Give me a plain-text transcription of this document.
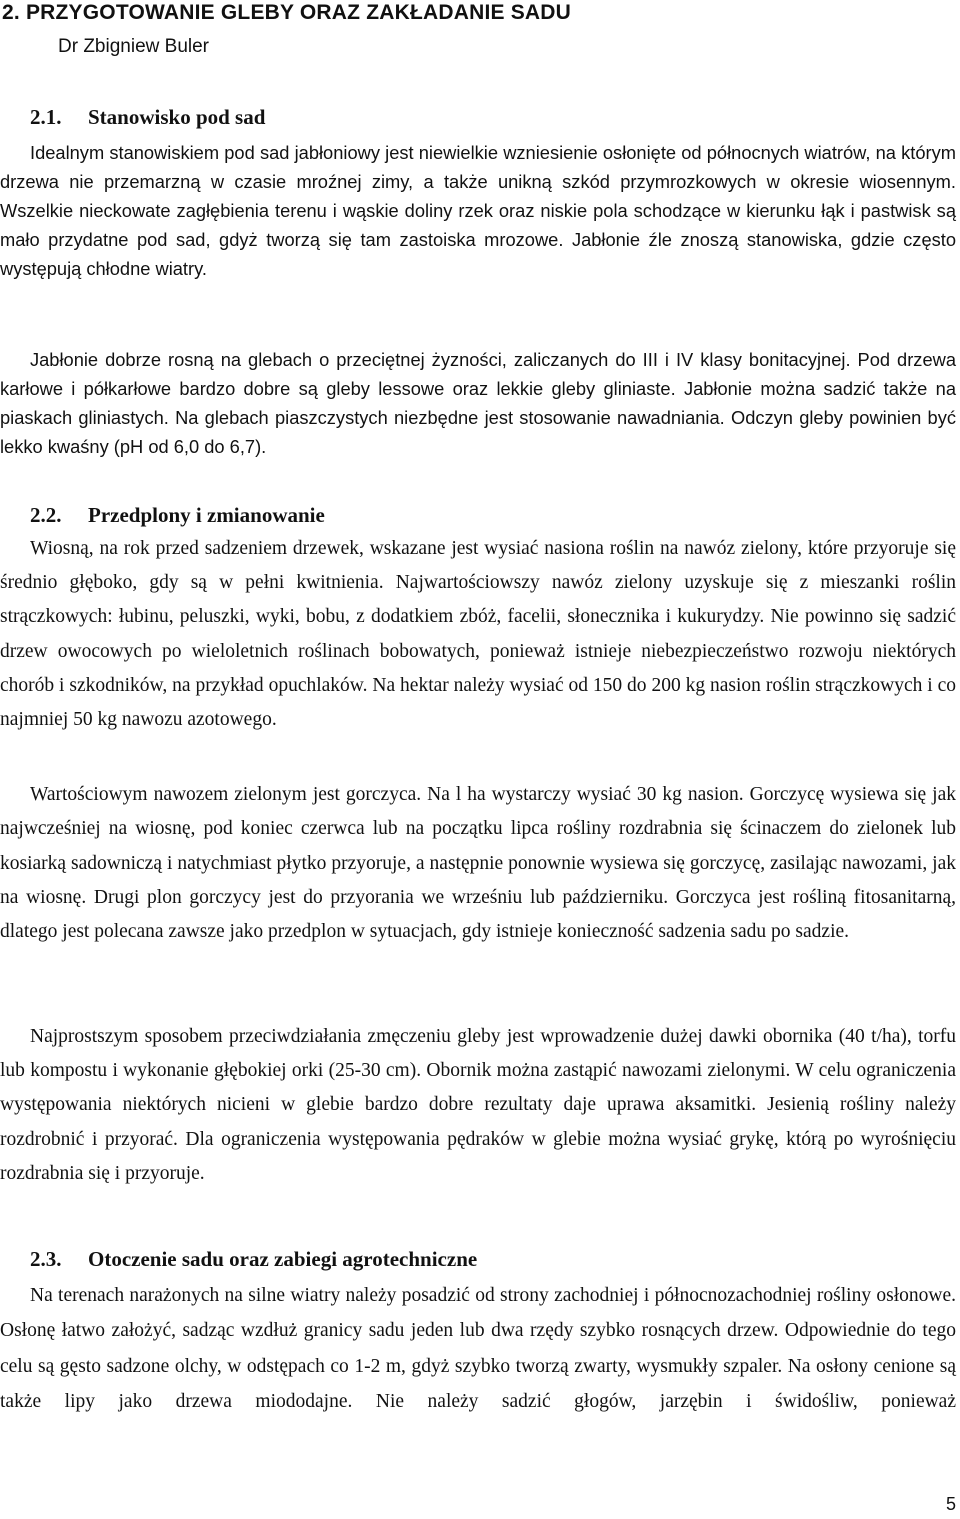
2. PRZYGOTOWANIE GLEBY ORAZ ZAKŁADANIE SADU
Dr Zbigniew Buler
2.1. Stanowisko pod sad

Idealnym stanowiskiem pod sad jabłoniowy jest niewielkie wzniesienie osłonięte od północnych wiatrów, na którym drzewa nie przemarzną w czasie mroźnej zimy, a także unikną szkód przymrozkowych w okresie wiosennym. Wszelkie nieckowate zagłębienia terenu i wąskie doliny rzek oraz niskie pola schodzące w kierunku łąk i pastwisk są mało przydatne pod sad, gdyż tworzą się tam zastoiska mrozowe. Jabłonie źle znoszą stanowiska, gdzie często występują chłodne wiatry.

Jabłonie dobrze rosną na glebach o przeciętnej żyzności, zaliczanych do III i IV klasy bonitacyjnej. Pod drzewa karłowe i półkarłowe bardzo dobre są gleby lessowe oraz lekkie gleby gliniaste. Jabłonie można sadzić także na piaskach gliniastych. Na glebach piaszczystych niezbędne jest stosowanie nawadniania. Odczyn gleby powinien być lekko kwaśny (pH od 6,0 do 6,7).

2.2. Przedplony i zmianowanie

Wiosną, na rok przed sadzeniem drzewek, wskazane jest wysiać nasiona roślin na nawóz zielony, które przyoruje się średnio głęboko, gdy są w pełni kwitnienia. Najwartościowszy nawóz zielony uzyskuje się z mieszanki roślin strączkowych: łubinu, peluszki, wyki, bobu, z dodatkiem zbóż, facelii, słonecznika i kukurydzy. Nie powinno się sadzić drzew owocowych po wieloletnich roślinach bobowatych, ponieważ istnieje niebezpieczeństwo rozwoju niektórych chorób i szkodników, na przykład opuchlaków. Na hektar należy wysiać od 150 do 200 kg nasion roślin strączkowych i co najmniej 50 kg nawozu azotowego.

Wartościowym nawozem zielonym jest gorczyca. Na l ha wystarczy wysiać 30 kg nasion. Gorczycę wysiewa się jak najwcześniej na wiosnę, pod koniec czerwca lub na początku lipca rośliny rozdrabnia się ścinaczem do zielonek lub kosiarką sadowniczą i natychmiast płytko przyoruje, a następnie ponownie wysiewa się gorczycę, zasilając nawozami, jak na wiosnę. Drugi plon gorczycy jest do przyorania we wrześniu lub październiku. Gorczyca jest rośliną fitosanitarną, dlatego jest polecana zawsze jako przedplon w sytuacjach, gdy istnieje konieczność sadzenia sadu po sadzie.

Najprostszym sposobem przeciwdziałania zmęczeniu gleby jest wprowadzenie dużej dawki obornika (40 t/ha), torfu lub kompostu i wykonanie głębokiej orki (25-30 cm). Obornik można zastąpić nawozami zielonymi. W celu ograniczenia występowania niektórych nicieni w glebie bardzo dobre rezultaty daje uprawa aksamitki. Jesienią rośliny należy rozdrobnić i przyorać. Dla ograniczenia występowania pędraków w glebie można wysiać grykę, którą po wyrośnięciu rozdrabnia się i przyoruje.

2.3. Otoczenie sadu oraz zabiegi agrotechniczne

Na terenach narażonych na silne wiatry należy posadzić od strony zachodniej i północnozachodniej rośliny osłonowe. Osłonę łatwo założyć, sadząc wzdłuż granicy sadu jeden lub dwa rzędy szybko rosnących drzew. Odpowiednie do tego celu są gęsto sadzone olchy, w odstępach co 1-2 m, gdyż szybko tworzą zwarty, wysmukły szpaler. Na osłony cenione są także lipy jako drzewa miododajne. Nie należy sadzić głogów, jarzębin i świdośliw, ponieważ

5
